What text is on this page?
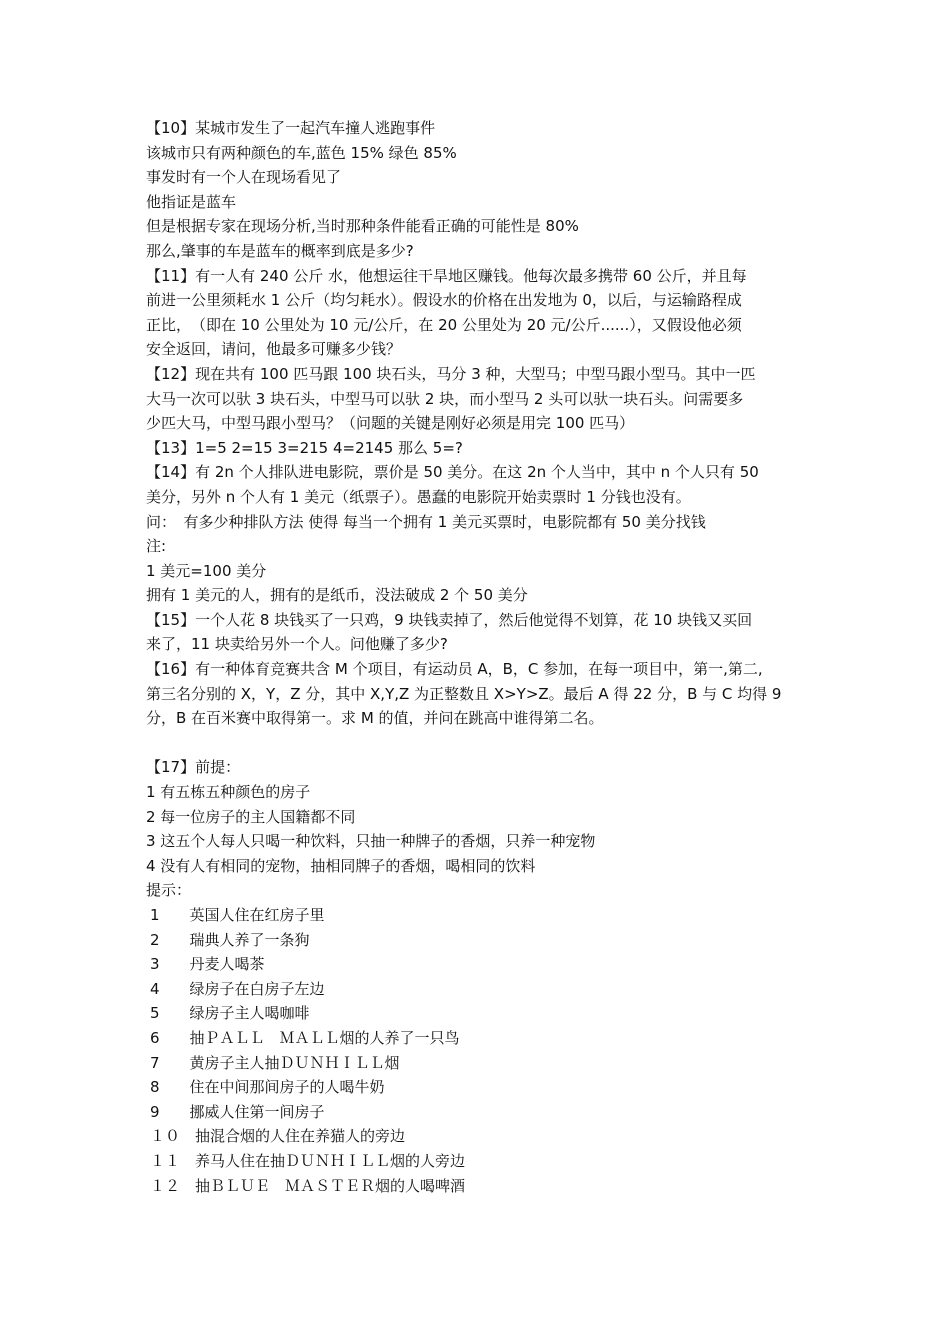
【10】某城市发生了一起汽车撞人逃跑事件
该城市只有两种颜色的车,蓝色 15% 绿色 85%
事发时有一个人在现场看见了
他指证是蓝车
但是根据专家在现场分析,当时那种条件能看正确的可能性是 80%
那么,肇事的车是蓝车的概率到底是多少?
【11】有一人有 240 公斤 水，他想运往干旱地区赚钱。他每次最多携带 60 公斤，并且每
前进一公里须耗水 1 公斤（均匀耗水）。假设水的价格在出发地为 0，以后，与运输路程成
正比，　（即在 10 公里处为 10 元/公斤，在 20 公里处为 20 元/公斤......），又假设他必须
安全返回，请问，他最多可赚多少钱？
【12】现在共有 100 匹马跟 100 块石头，马分 3 种，大型马；中型马跟小型马。其中一匹
大马一次可以驮 3 块石头，中型马可以驮 2 块，而小型马 2 头可以驮一块石头。问需要多
少匹大马，中型马跟小型马？（问题的关键是刚好必须是用完 100 匹马）
【13】1=5 2=15 3=215 4=2145 那么 5=?
【14】有 2n 个人排队进电影院，票价是 50 美分。在这 2n 个人当中，其中 n 个人只有 50
美分，另外 n 个人有 1 美元（纸票子）。愚蠢的电影院开始卖票时 1 分钱也没有。
问：　有多少种排队方法 使得 每当一个拥有 1 美元买票时，电影院都有 50 美分找钱
注:
1 美元=100 美分
拥有 1 美元的人，拥有的是纸币，没法破成 2 个 50 美分
【15】一个人花 8 块钱买了一只鸡，9 块钱卖掉了，然后他觉得不划算，花 10 块钱又买回
来了，11 块卖给另外一个人。问他赚了多少?
【16】有一种体育竞赛共含 M 个项目，有运动员 A，B，C 参加，在每一项目中，第一,第二,
第三名分别的 X，Y，Z 分，其中 X,Y,Z 为正整数且 X>Y>Z。最后 A 得 22 分，B 与 C 均得 9
分，B 在百米赛中取得第一。求 M 的值，并问在跳高中谁得第二名。
【17】前提：
1 有五栋五种颜色的房子
2 每一位房子的主人国籍都不同
3 这五个人每人只喝一种饮料，只抽一种牌子的香烟，只养一种宠物
4 没有人有相同的宠物，抽相同牌子的香烟，喝相同的饮料
提示：
1　　英国人住在红房子里
2　　瑞典人养了一条狗
3　　丹麦人喝茶
4　　绿房子在白房子左边
5　　绿房子主人喝咖啡
6　　抽ＰＡＬＬ　ＭＡＬＬ烟的人养了一只鸟
7　　黄房子主人抽ＤＵＮＨＩＬＬ烟
8　　住在中间那间房子的人喝牛奶
9　　挪威人住第一间房子
１０　抽混合烟的人住在养猫人的旁边
１１　养马人住在抽ＤＵＮＨＩＬＬ烟的人旁边
１２　抽ＢＬＵＥ　ＭＡＳＴＥＲ烟的人喝啤酒
